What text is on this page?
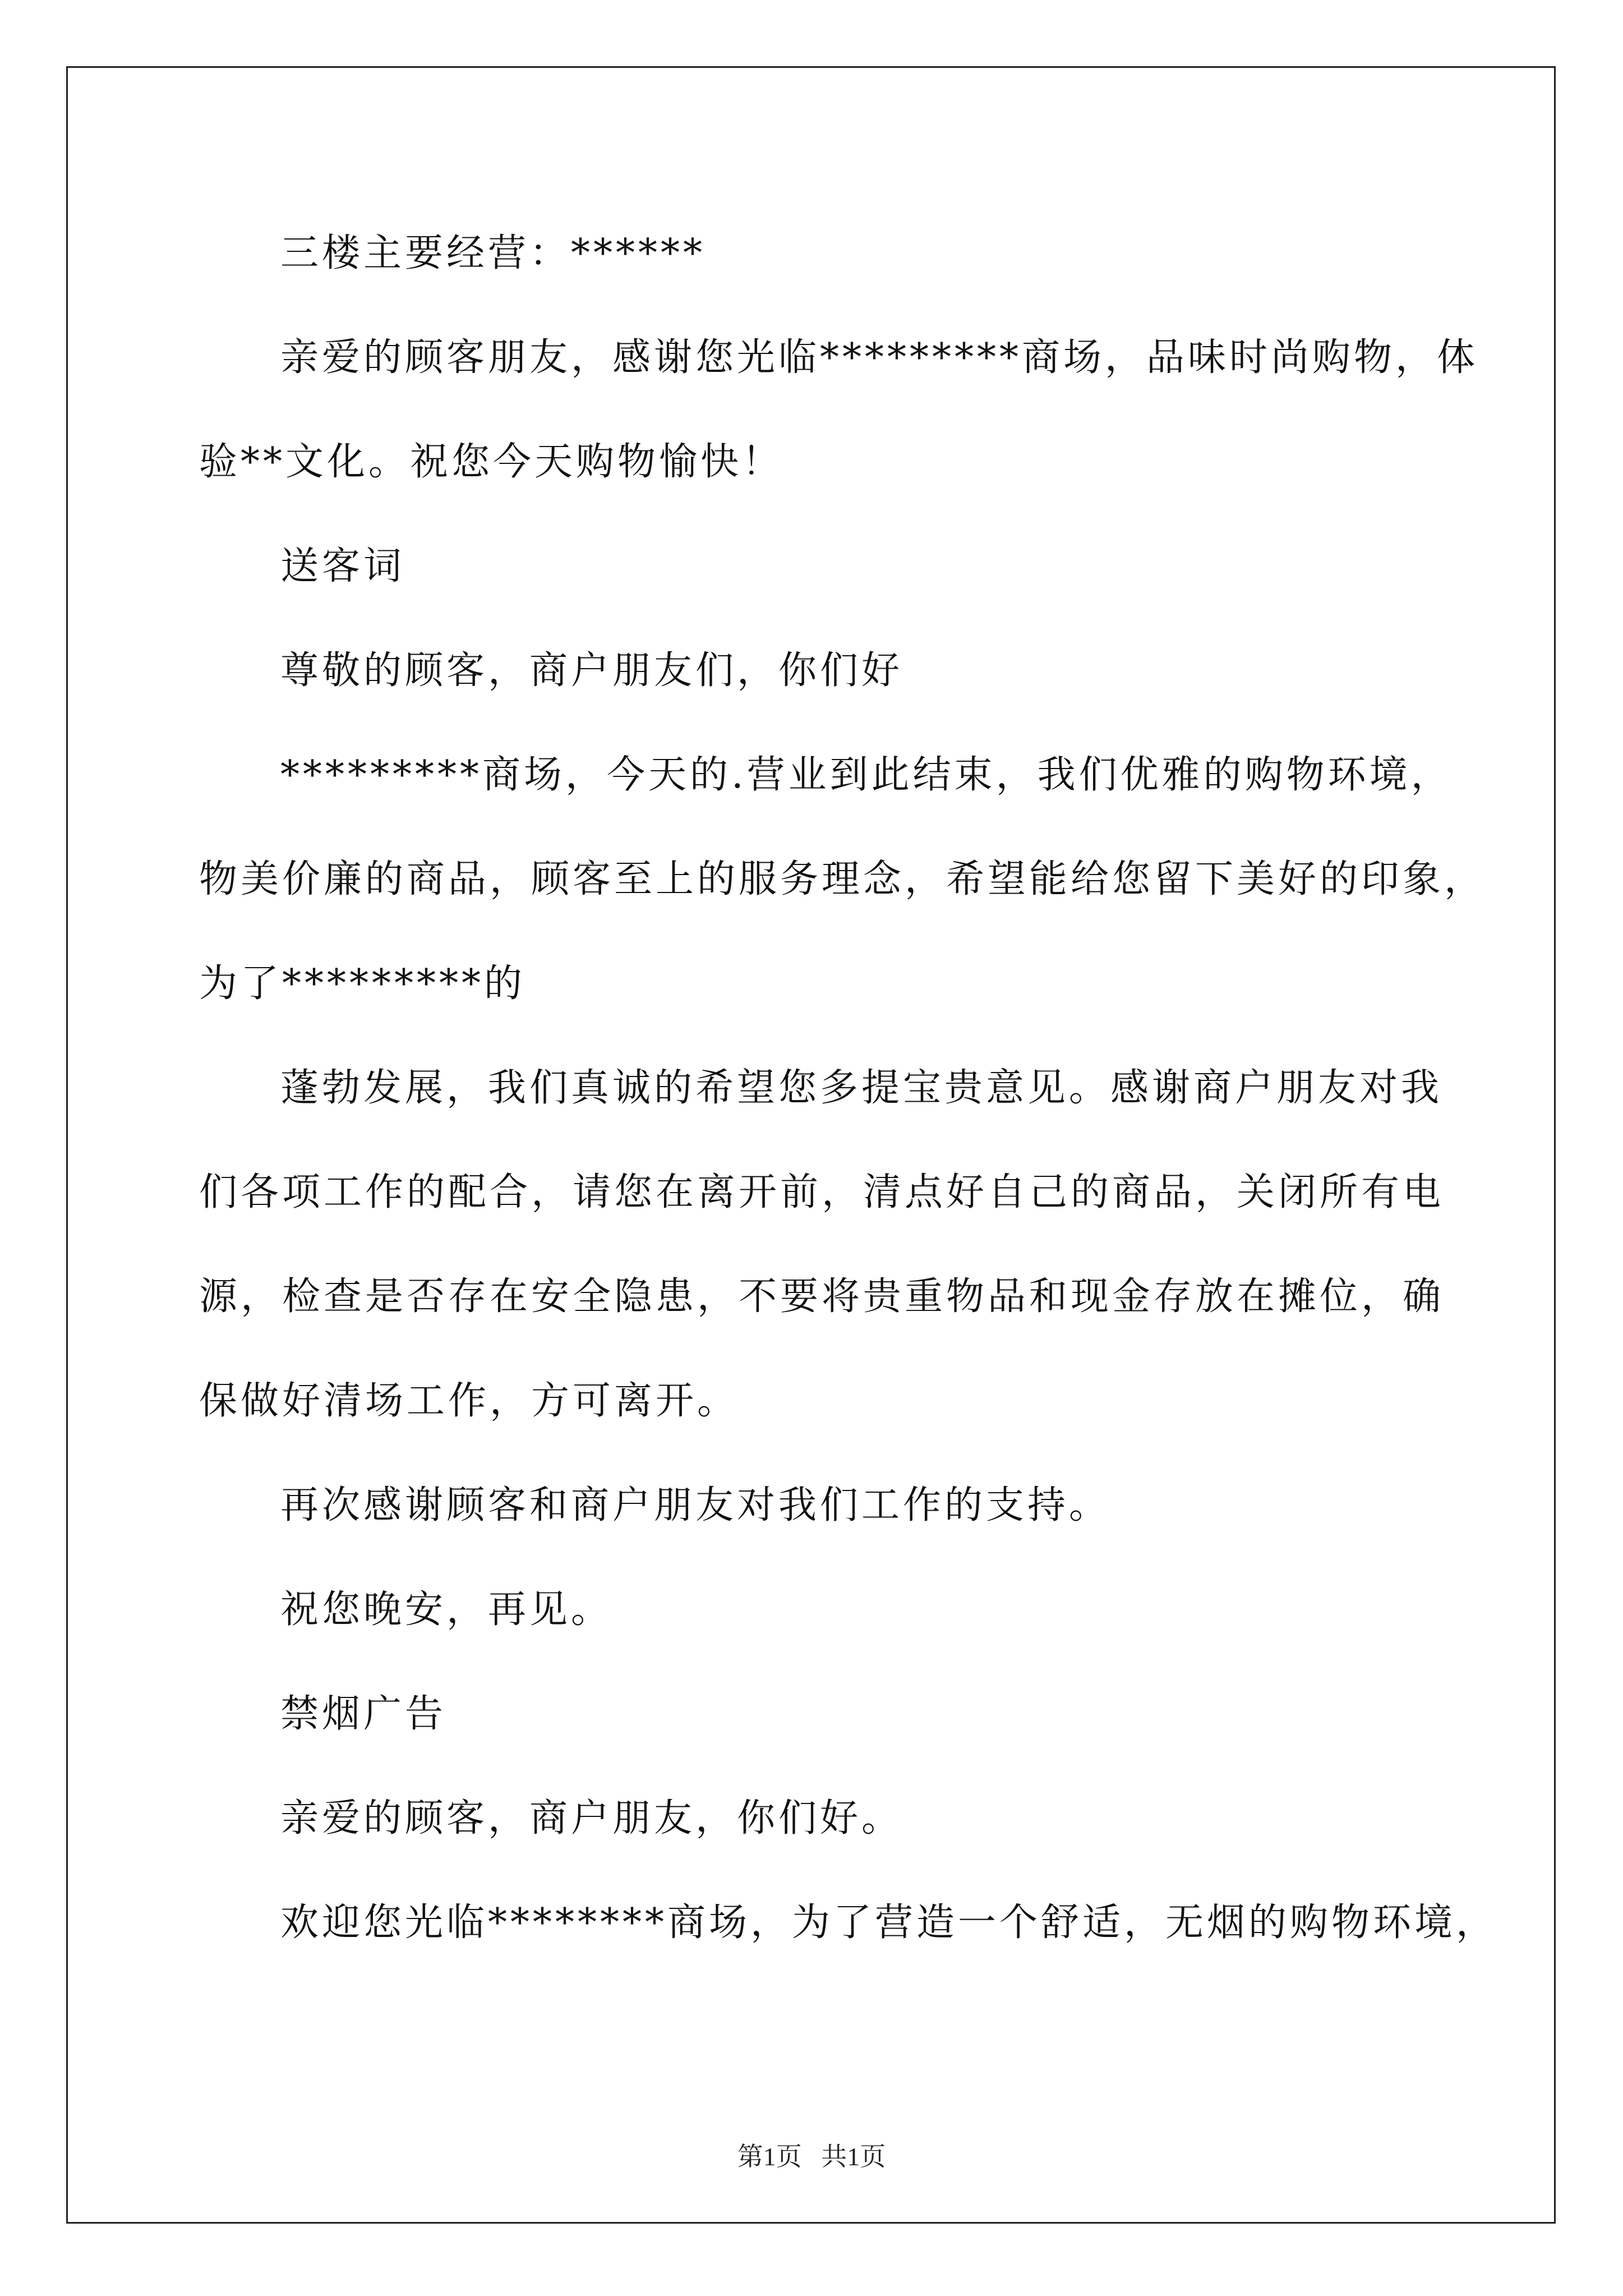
三楼主要经营：******
亲爱的顾客朋友，感谢您光临*********商场，品味时尚购物，体
验**文化。祝您今天购物愉快！
送客词
尊敬的顾客，商户朋友们，你们好
*********商场，今天的.营业到此结束，我们优雅的购物环境，
物美价廉的商品，顾客至上的服务理念，希望能给您留下美好的印象，
为了*********的
蓬勃发展，我们真诚的希望您多提宝贵意见。感谢商户朋友对我
们各项工作的配合，请您在离开前，清点好自己的商品，关闭所有电
源，检查是否存在安全隐患，不要将贵重物品和现金存放在摊位，确
保做好清场工作，方可离开。
再次感谢顾客和商户朋友对我们工作的支持。
祝您晚安，再见。
禁烟广告
亲爱的顾客，商户朋友，你们好。
欢迎您光临********商场，为了营造一个舒适，无烟的购物环境，
第1页   共1页
